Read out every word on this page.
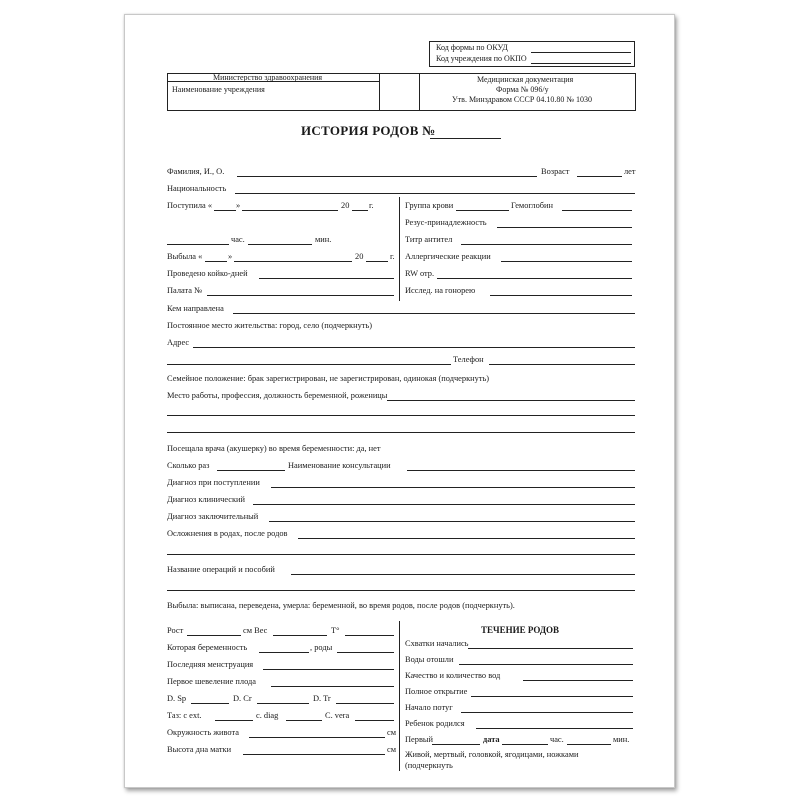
Код формы по ОКУД
Код учреждения по ОКПО
Министерство здравоохранения
Наименование учреждения
Медицинская документация
Форма № 096/у
Утв. Минздравом СССР 04.10.80 № 1030
ИСТОРИЯ РОДОВ №
Фамилия, И., О.	Возраст	лет
Национальность
Поступила «	»	20 г.
час.	мин.
Выбыла «	»	20	г.
Проведено койко-дней
Палата №
Группа крови	Гемоглобин
Резус-принадлежность
Титр антител
Аллергические реакции
RW отр.
Исслед. на гонорею
Кем направлена
Постоянное место жительства: город, село (подчеркнуть)
Адрес
Телефон
Семейное положение: брак зарегистрирован, не зарегистрирован, одинокая (подчеркнуть)
Место работы, профессия, должность беременной, роженицы
Посещала врача (акушерку) во время беременности: да, нет
Сколько раз	Наименование консультации
Диагноз при поступлении
Диагноз клинический
Диагноз заключительный
Осложнения в родах, после родов
Название операций и пособий
Выбыла: выписана, переведена, умерла: беременной, во время родов, после родов (подчеркнуть).
Рост	см Вес	T°
Которая беременность	, роды
Последняя менструация
Первое шевеление плода
D. Sp	D. Cr	D. Tr
Таз: с ext.	c. diag	C. vera
Окружность живота	см
Высота дна матки	см
ТЕЧЕНИЕ РОДОВ
Схватки начались
Воды отошли
Качество и количество вод
Полное открытие
Начало потуг
Ребенок родился
Первый	дата	час.	мин.
Живой, мертвый, головкой, ягодицами, ножками
(подчеркнуть
